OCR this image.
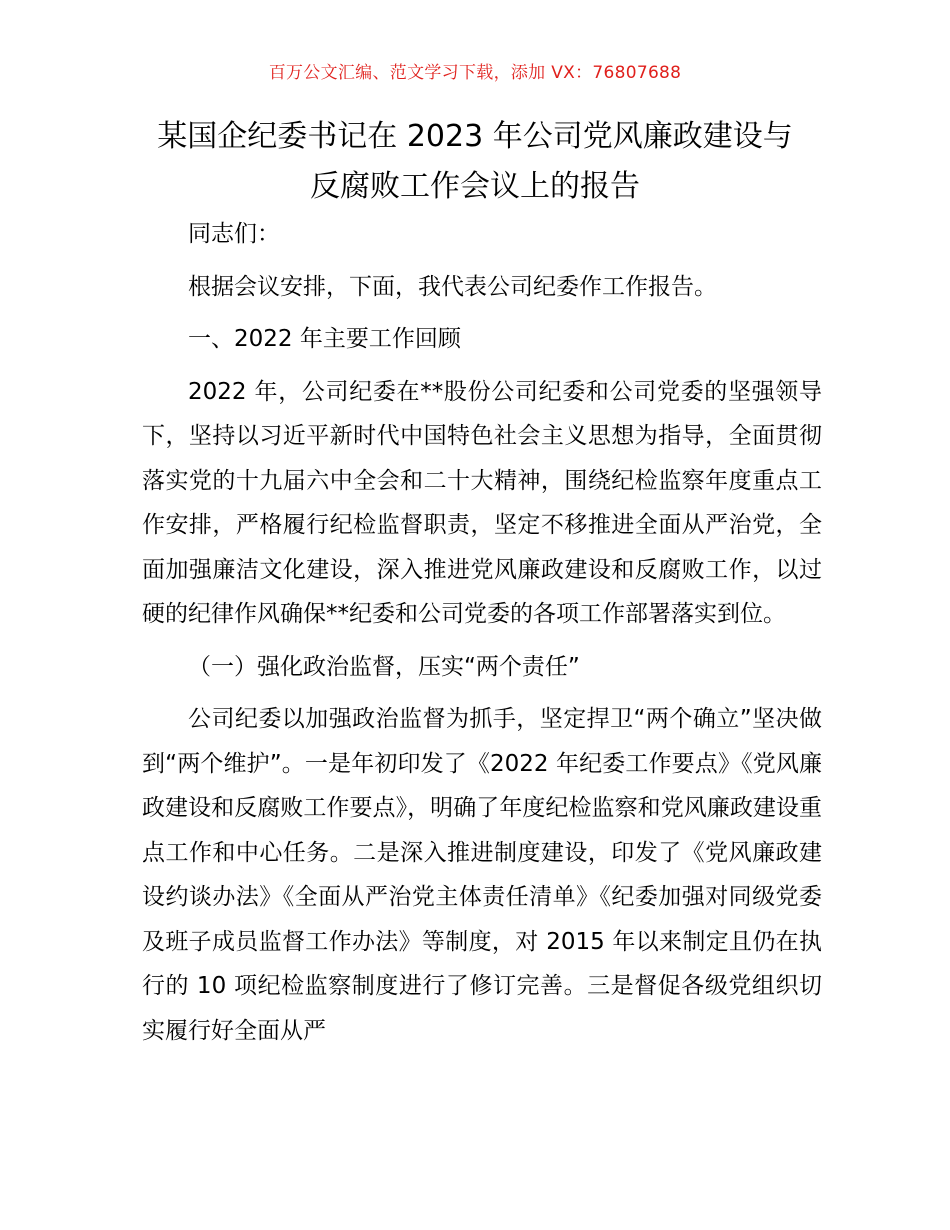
百万公文汇编、范文学习下载，添加 VX：76807688
某国企纪委书记在 2023 年公司党风廉政建设与
反腐败工作会议上的报告

同志们：

根据会议安排，下面，我代表公司纪委作工作报告。

一、2022 年主要工作回顾

2022 年，公司纪委在**股份公司纪委和公司党委的坚强领导下，坚持以习近平新时代中国特色社会主义思想为指导，全面贯彻落实党的十九届六中全会和二十大精神，围绕纪检监察年度重点工作安排，严格履行纪检监督职责，坚定不移推进全面从严治党，全面加强廉洁文化建设，深入推进党风廉政建设和反腐败工作，以过硬的纪律作风确保**纪委和公司党委的各项工作部署落实到位。

（一）强化政治监督，压实“两个责任”

公司纪委以加强政治监督为抓手，坚定捍卫“两个确立”坚决做到“两个维护”。一是年初印发了《2022 年纪委工作要点》《党风廉政建设和反腐败工作要点》，明确了年度纪检监察和党风廉政建设重点工作和中心任务。二是深入推进制度建设，印发了《党风廉政建设约谈办法》《全面从严治党主体责任清单》《纪委加强对同级党委及班子成员监督工作办法》等制度，对 2015 年以来制定且仍在执行的 10 项纪检监察制度进行了修订完善。三是督促各级党组织切实履行好全面从严
